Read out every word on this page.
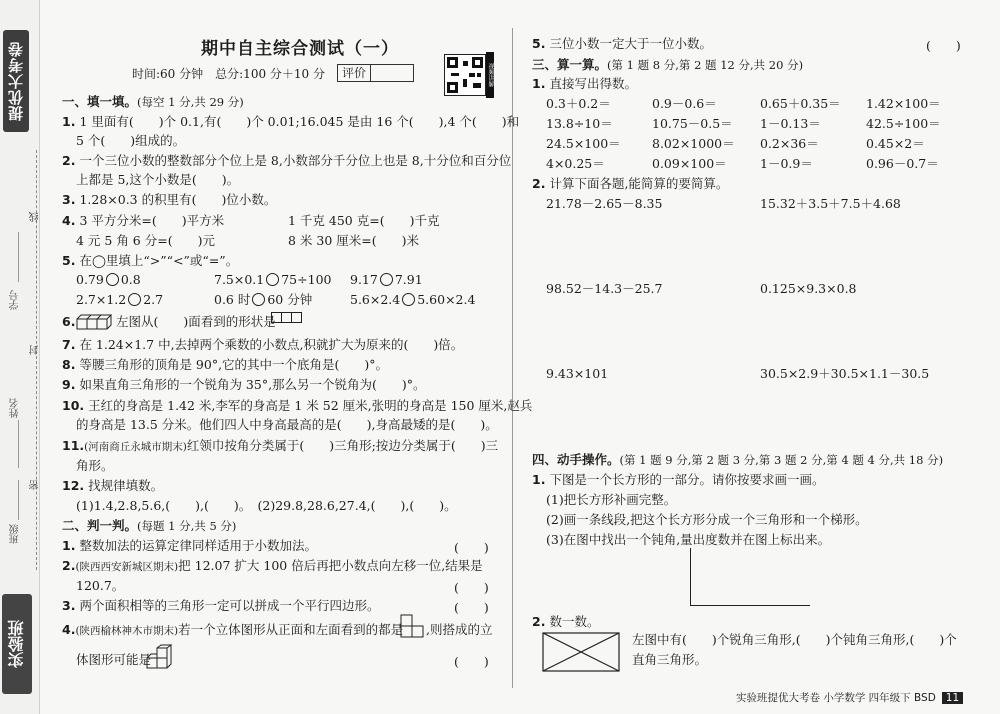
提优大考卷
线
学号
封
姓名
密
班级
实验班
期中自主综合测试（一）
时间:60 分钟 总分:100 分＋10 分	评价	视频讲解
一、填一填。(每空 1 分,共 29 分)
1. 1 里面有(　　)个 0.1,有(　　)个 0.01;16.045 是由 16 个(　　),4 个(　　)和
5 个(　　)组成的。
2. 一个三位小数的整数部分个位上是 8,小数部分千分位上也是 8,十分位和百分位
上都是 5,这个小数是(　　)。
3. 1.28×0.3 的积里有(　　)位小数。
4. 3 平方分米=(　　)平方米	1 千克 450 克=(　　)千克
4 元 5 角 6 分=(　　)元	8 米 30 厘米=(　　)米
5. 在◯里填上“>”“<”或“=”。
0.79 0.8	7.5×0.1 75÷100 9.17 7.91
2.7×1.2 2.7	0.6 时 60 分钟	5.6×2.4 5.60×2.4
6.	左图从(　　)面看到的形状是
7. 在 1.24×1.7 中,去掉两个乘数的小数点,积就扩大为原来的(　　)倍。
8. 等腰三角形的顶角是 90°,它的其中一个底角是(　　)°。
9. 如果直角三角形的一个锐角为 35°,那么另一个锐角为(　　)°。
10. 王红的身高是 1.42 米,李军的身高是 1 米 52 厘米,张明的身高是 150 厘米,赵兵
的身高是 13.5 分米。他们四人中身高最高的是(　　),身高最矮的是(　　)。
11.(河南商丘永城市期末)红领巾按角分类属于(　　)三角形;按边分类属于(　　)三
角形。
12. 找规律填数。
(1)1.4,2.8,5.6,(　　),(　　)。　(2)29.8,28.6,27.4,(　　),(　　)。
二、判一判。(每题 1 分,共 5 分)
1. 整数加法的运算定律同样适用于小数加法。	(　　)
2.(陕西西安新城区期末)把 12.07 扩大 100 倍后再把小数点向左移一位,结果是
120.7。	(　　)
3. 两个面积相等的三角形一定可以拼成一个平行四边形。	(　　)
4.(陕西榆林神木市期末)若一个立体图形从正面和左面看到的都是 ,则搭成的立
体图形可能是	(　　)
5. 三位小数一定大于一位小数。	(　　)
三、算一算。(第 1 题 8 分,第 2 题 12 分,共 20 分)
1. 直接写出得数。
0.3＋0.2＝	0.9－0.6＝	0.65＋0.35＝ 1.42×100＝
13.8÷10＝	10.75－0.5＝ 1－0.13＝	42.5÷100＝
24.5×100＝	8.02×1000＝ 0.2×36＝	0.45×2＝
4×0.25＝	0.09×100＝	1－0.9＝	0.96－0.7＝
2. 计算下面各题,能简算的要简算。
21.78－2.65－8.35	15.32＋3.5＋7.5＋4.68
98.52－14.3－25.7	0.125×9.3×0.8
9.43×101	30.5×2.9＋30.5×1.1－30.5
四、动手操作。(第 1 题 9 分,第 2 题 3 分,第 3 题 2 分,第 4 题 4 分,共 18 分)
1. 下图是一个长方形的一部分。请你按要求画一画。
(1)把长方形补画完整。
(2)画一条线段,把这个长方形分成一个三角形和一个梯形。
(3)在图中找出一个钝角,量出度数并在图上标出来。
2. 数一数。
左图中有(　　)个锐角三角形,(　　)个钝角三角形,(　　)个
直角三角形。
实验班提优大考卷 小学数学 四年级下 BSD 11
